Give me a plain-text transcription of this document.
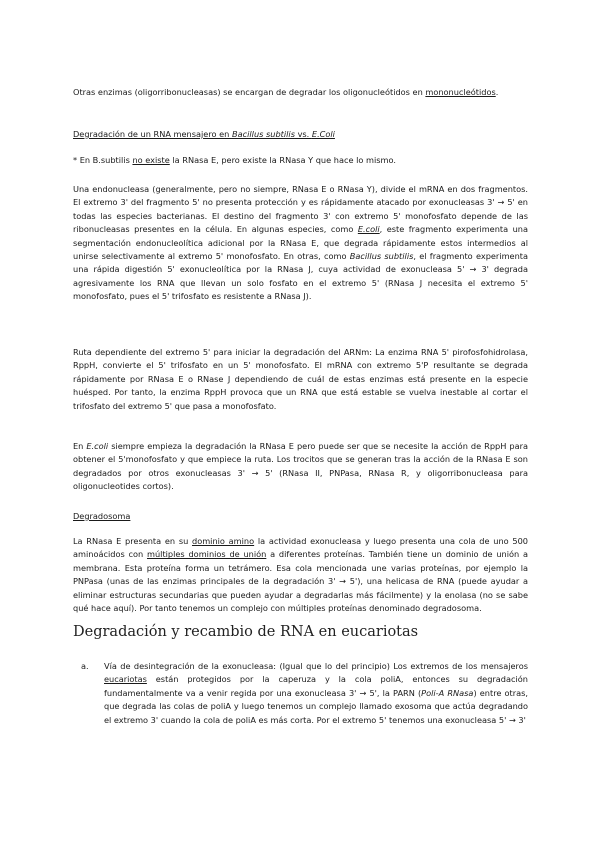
Otras enzimas (oligorribonucleasas) se encargan de degradar los oligonucleótidos en mononucleótidos.

Degradación de un RNA mensajero en Bacillus subtilis vs. E.Coli

* En B.subtilis no existe la RNasa E, pero existe la RNasa Y que hace lo mismo.

Una endonucleasa (generalmente, pero no siempre, RNasa E o RNasa Y), divide el mRNA en dos fragmentos. El extremo 3' del fragmento 5' no presenta protección y es rápidamente atacado por exonucleasas 3' → 5' en todas las especies bacterianas. El destino del fragmento 3' con extremo 5' monofosfato depende de las ribonucleasas presentes en la célula. En algunas especies, como E.coli, este fragmento experimenta una segmentación endonucleolítica adicional por la RNasa E, que degrada rápidamente estos intermedios al unirse selectivamente al extremo 5' monofosfato. En otras, como Bacillus subtilis, el fragmento experimenta una rápida digestión 5' exonucleolítica por la RNasa J, cuya actividad de exonucleasa 5' → 3' degrada agresivamente los RNA que llevan un solo fosfato en el extremo 5' (RNasa J necesita el extremo 5' monofosfato, pues el 5' trifosfato es resistente a RNasa J).

Ruta dependiente del extremo 5' para iniciar la degradación del ARNm: La enzima RNA 5' pirofosfohidrolasa, RppH, convierte el 5' trifosfato en un 5' monofosfato. El mRNA con extremo 5'P resultante se degrada rápidamente por RNasa E o RNase J dependiendo de cuál de estas enzimas está presente en la especie huésped. Por tanto, la enzima RppH provoca que un RNA que está estable se vuelva inestable al cortar el trifosfato del extremo 5' que pasa a monofosfato.

En E.coli siempre empieza la degradación la RNasa E pero puede ser que se necesite la acción de RppH para obtener el 5'monofosfato y que empiece la ruta. Los trocitos que se generan tras la acción de la RNasa E son degradados por otros exonucleasas 3' → 5' (RNasa II, PNPasa, RNasa R, y oligorribonucleasa para oligonucleotides cortos).

Degradosoma

La RNasa E presenta en su dominio amino la actividad exonucleasa y luego presenta una cola de uno 500 aminoácidos con múltiples dominios de unión a diferentes proteínas. También tiene un dominio de unión a membrana. Esta proteína forma un tetrámero. Esa cola mencionada une varias proteínas, por ejemplo la PNPasa (unas de las enzimas principales de la degradación 3' → 5'), una helicasa de RNA (puede ayudar a eliminar estructuras secundarias que pueden ayudar a degradarlas más fácilmente) y la enolasa (no se sabe qué hace aquí). Por tanto tenemos un complejo con múltiples proteínas denominado degradosoma.

Degradación y recambio de RNA en eucariotas
a. Vía de desintegración de la exonucleasa: (Igual que lo del principio) Los extremos de los mensajeros eucariotas están protegidos por la caperuza y la cola poliA, entonces su degradación fundamentalmente va a venir regida por una exonucleasa 3' → 5', la PARN (Poli-A RNasa) entre otras, que degrada las colas de poliA y luego tenemos un complejo llamado exosoma que actúa degradando el extremo 3' cuando la cola de poliA es más corta. Por el extremo 5' tenemos una exonucleasa 5' → 3'
